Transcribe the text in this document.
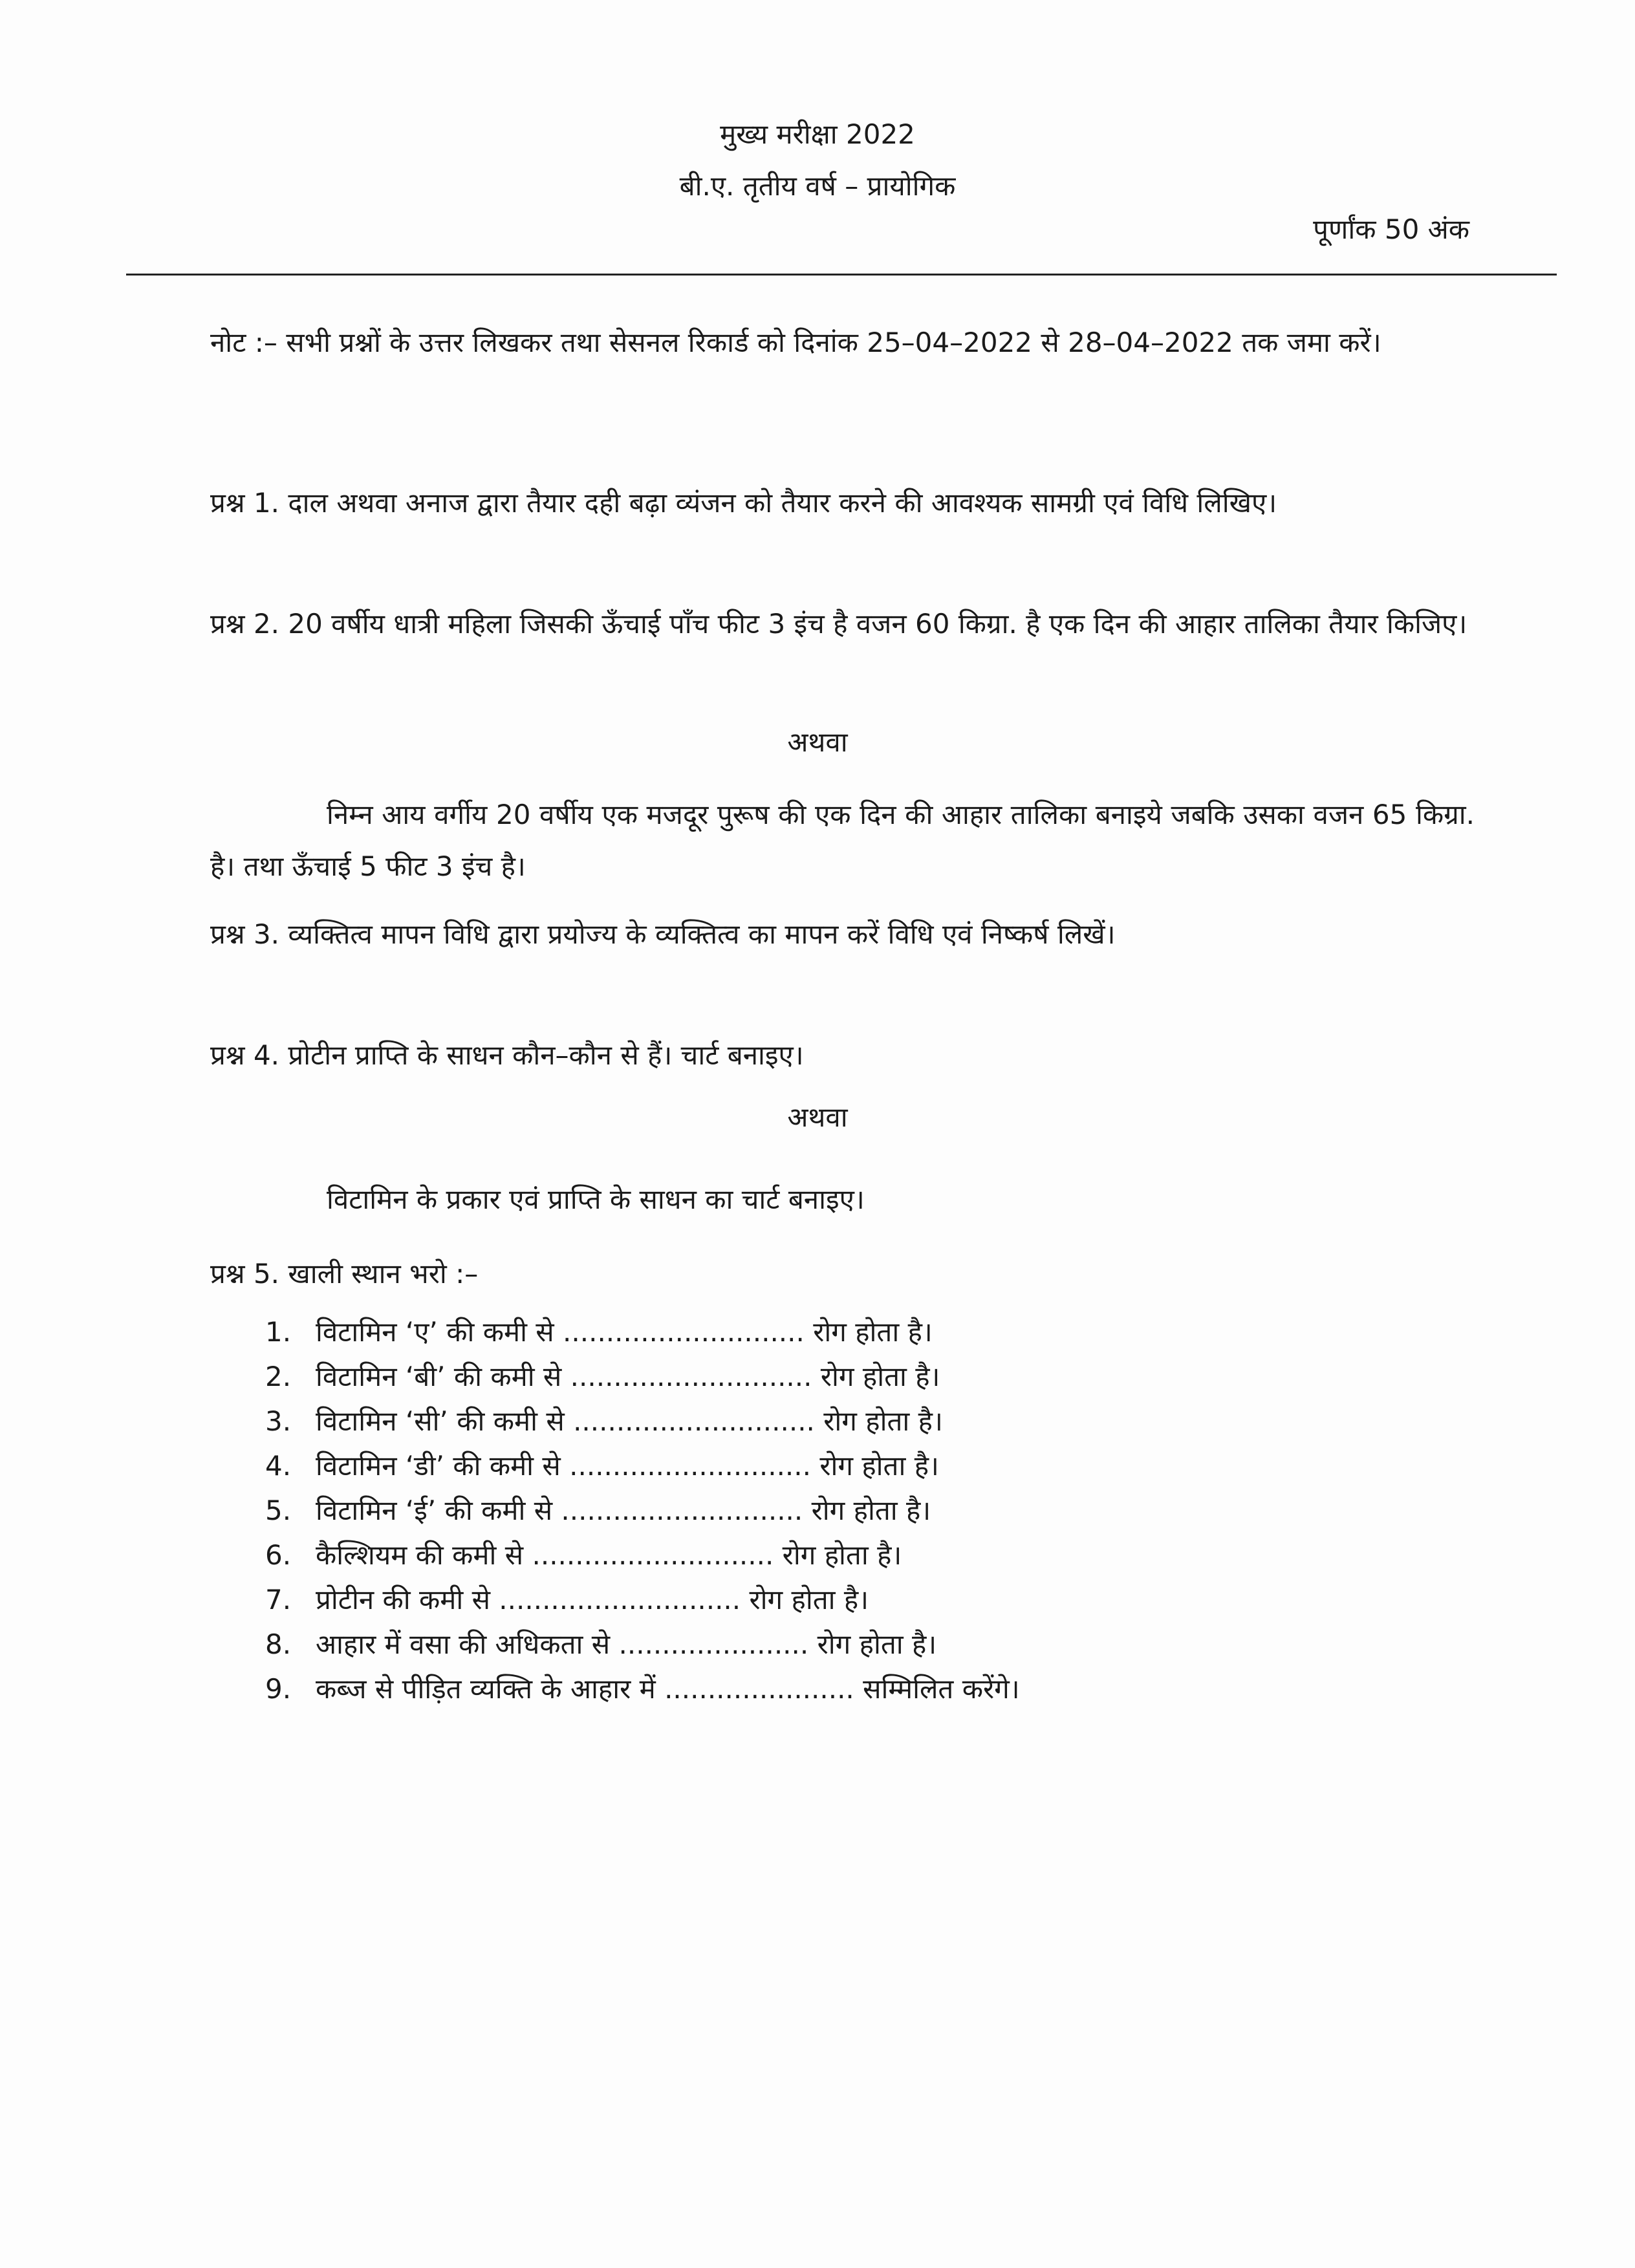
मुख्य मरीक्षा 2022
बी.ए. तृतीय वर्ष – प्रायोगिक
पूर्णांक 50 अंक
नोट :– सभी प्रश्नों के उत्तर लिखकर तथा सेसनल रिकार्ड को दिनांक 25–04–2022 से 28–04–2022 तक जमा करें।
प्रश्न 1. दाल अथवा अनाज द्वारा तैयार दही बढ़ा व्यंजन को तैयार करने की आवश्यक सामग्री एवं विधि लिखिए।
प्रश्न 2. 20 वर्षीय धात्री महिला जिसकी ऊँचाई पाँच फीट 3 इंच है वजन 60 किग्रा. है एक दिन की आहार तालिका तैयार किजिए।
अथवा
निम्न आय वर्गीय 20 वर्षीय एक मजदूर पुरूष की एक दिन की आहार तालिका बनाइये जबकि उसका वजन 65 किग्रा. है। तथा ऊँचाई 5 फीट 3 इंच है।
प्रश्न 3. व्यक्तित्व मापन विधि द्वारा प्रयोज्य के व्यक्तित्व का मापन करें विधि एवं निष्कर्ष लिखें।
प्रश्न 4. प्रोटीन प्राप्ति के साधन कौन–कौन से हैं। चार्ट बनाइए।
अथवा
विटामिन के प्रकार एवं प्राप्ति के साधन का चार्ट बनाइए।
प्रश्न 5. खाली स्थान भरो :–
1. विटामिन ‘ए’ की कमी से ............................ रोग होता है।
2. विटामिन ‘बी’ की कमी से ............................ रोग होता है।
3. विटामिन ‘सी’ की कमी से ............................ रोग होता है।
4. विटामिन ‘डी’ की कमी से ............................ रोग होता है।
5. विटामिन ‘ई’ की कमी से ............................ रोग होता है।
6. कैल्शियम की कमी से ............................ रोग होता है।
7. प्रोटीन की कमी से ............................ रोग होता है।
8. आहार में वसा की अधिकता से ...................... रोग होता है।
9. कब्ज से पीड़ित व्यक्ति के आहार में ...................... सम्मिलित करेंगे।
